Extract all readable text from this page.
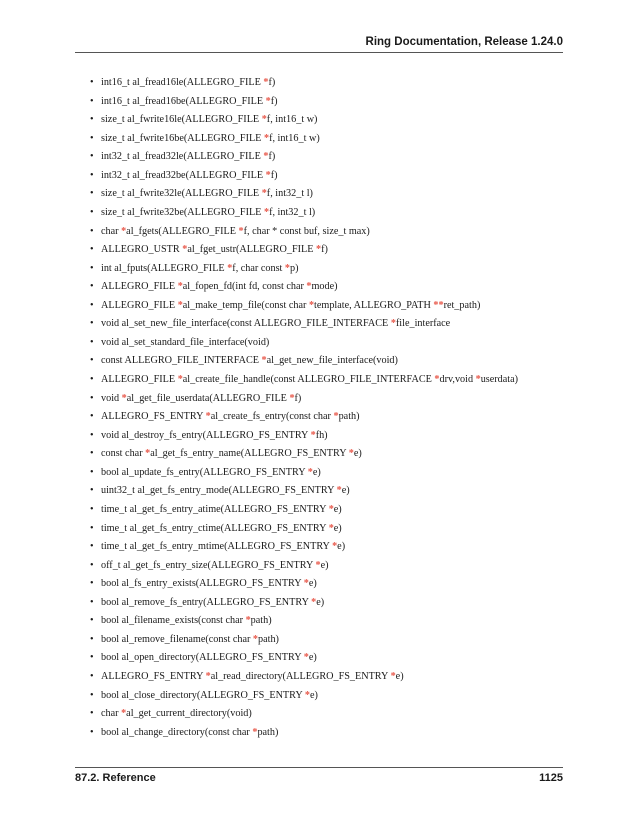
Ring Documentation, Release 1.24.0
• int16_t al_fread16le(ALLEGRO_FILE *f)
• int16_t al_fread16be(ALLEGRO_FILE *f)
• size_t al_fwrite16le(ALLEGRO_FILE *f, int16_t w)
• size_t al_fwrite16be(ALLEGRO_FILE *f, int16_t w)
• int32_t al_fread32le(ALLEGRO_FILE *f)
• int32_t al_fread32be(ALLEGRO_FILE *f)
• size_t al_fwrite32le(ALLEGRO_FILE *f, int32_t l)
• size_t al_fwrite32be(ALLEGRO_FILE *f, int32_t l)
• char *al_fgets(ALLEGRO_FILE *f, char * const buf, size_t max)
• ALLEGRO_USTR *al_fget_ustr(ALLEGRO_FILE *f)
• int al_fputs(ALLEGRO_FILE *f, char const *p)
• ALLEGRO_FILE *al_fopen_fd(int fd, const char *mode)
• ALLEGRO_FILE *al_make_temp_file(const char *template, ALLEGRO_PATH **ret_path)
• void al_set_new_file_interface(const ALLEGRO_FILE_INTERFACE *file_interface
• void al_set_standard_file_interface(void)
• const ALLEGRO_FILE_INTERFACE *al_get_new_file_interface(void)
• ALLEGRO_FILE *al_create_file_handle(const ALLEGRO_FILE_INTERFACE *drv,void *userdata)
• void *al_get_file_userdata(ALLEGRO_FILE *f)
• ALLEGRO_FS_ENTRY *al_create_fs_entry(const char *path)
• void al_destroy_fs_entry(ALLEGRO_FS_ENTRY *fh)
• const char *al_get_fs_entry_name(ALLEGRO_FS_ENTRY *e)
• bool al_update_fs_entry(ALLEGRO_FS_ENTRY *e)
• uint32_t al_get_fs_entry_mode(ALLEGRO_FS_ENTRY *e)
• time_t al_get_fs_entry_atime(ALLEGRO_FS_ENTRY *e)
• time_t al_get_fs_entry_ctime(ALLEGRO_FS_ENTRY *e)
• time_t al_get_fs_entry_mtime(ALLEGRO_FS_ENTRY *e)
• off_t al_get_fs_entry_size(ALLEGRO_FS_ENTRY *e)
• bool al_fs_entry_exists(ALLEGRO_FS_ENTRY *e)
• bool al_remove_fs_entry(ALLEGRO_FS_ENTRY *e)
• bool al_filename_exists(const char *path)
• bool al_remove_filename(const char *path)
• bool al_open_directory(ALLEGRO_FS_ENTRY *e)
• ALLEGRO_FS_ENTRY *al_read_directory(ALLEGRO_FS_ENTRY *e)
• bool al_close_directory(ALLEGRO_FS_ENTRY *e)
• char *al_get_current_directory(void)
• bool al_change_directory(const char *path)
87.2. Reference	1125
